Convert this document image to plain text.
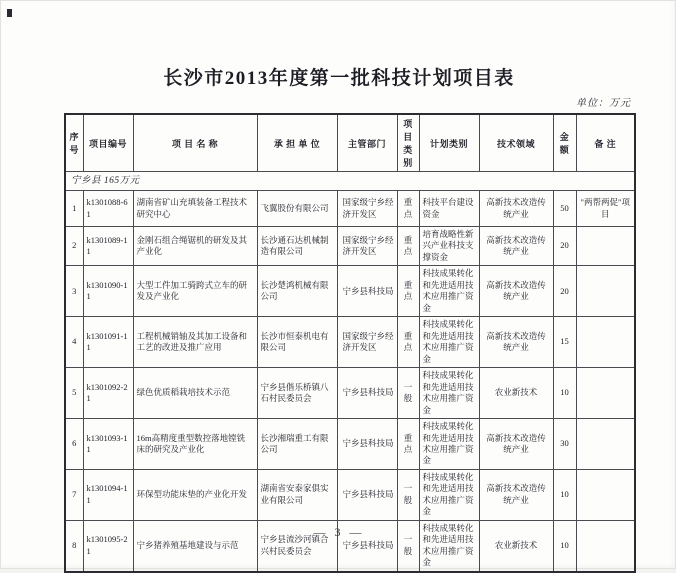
长沙市2013年度第一批科技计划项目表
单位：万元
序号	项目编号	项 目 名 称	承 担 单 位	主管部门	项目类别	计划类别	技术领域	金额	备 注
宁乡县 165万元									
1	k1301088-61	湖南省矿山充填装备工程技术研究中心	飞翼股份有限公司	国家级宁乡经济开发区	重点	科技平台建设资金	高新技术改造传统产业	50	"两帮两促"项目
2	k1301089-11	金刚石组合绳锯机的研发及其产业化	长沙通石达机械制造有限公司	国家级宁乡经济开发区	重点	培育战略性新兴产业科技支撑资金	高新技术改造传统产业	20	
3	k1301090-11	大型工件加工骑跨式立车的研发及产业化	长沙楚鸿机械有限公司	宁乡县科技局	重点	科技成果转化和先进适用技术应用推广资金	高新技术改造传统产业	20	
4	k1301091-11	工程机械销轴及其加工设备和工艺的改进及推广应用	长沙市恒泰机电有限公司	国家级宁乡经济开发区	重点	科技成果转化和先进适用技术应用推广资金	高新技术改造传统产业	15	
5	k1301092-21	绿色优质稻栽培技术示范	宁乡县偕乐桥镇八石村民委员会	宁乡县科技局	一般	科技成果转化和先进适用技术应用推广资金	农业新技术	10	
6	k1301093-11	16m高精度重型数控落地镗铣床的研究及产业化	长沙湘瑞重工有限公司	宁乡县科技局	重点	科技成果转化和先进适用技术应用推广资金	高新技术改造传统产业	30	
7	k1301094-11	环保型功能床垫的产业化开发	湖南省安泰家俱实业有限公司	宁乡县科技局	一般	科技成果转化和先进适用技术应用推广资金	高新技术改造传统产业	10	
8	k1301095-21	宁乡猪养殖基地建设与示范	宁乡县流沙河镇合兴村民委员会	宁乡县科技局	一般	科技成果转化和先进适用技术应用推广资金	农业新技术	10	
— 3 —
